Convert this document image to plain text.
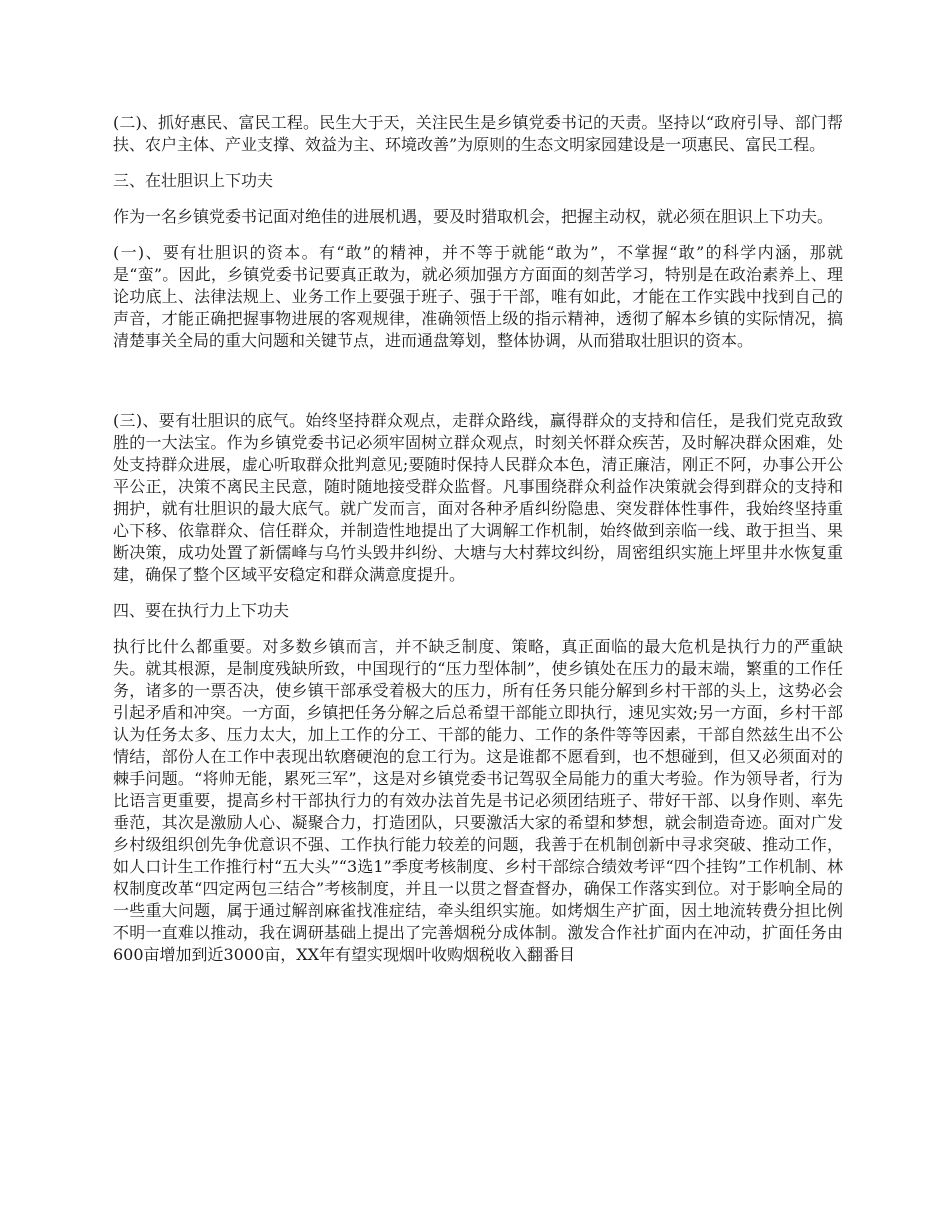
(二)、抓好惠民、富民工程。民生大于天，关注民生是乡镇党委书记的天责。坚持以“政府引导、部门帮扶、农户主体、产业支撑、效益为主、环境改善”为原则的生态文明家园建设是一项惠民、富民工程。

三、在壮胆识上下功夫

作为一名乡镇党委书记面对绝佳的进展机遇，要及时猎取机会，把握主动权，就必须在胆识上下功夫。

(一)、要有壮胆识的资本。有“敢”的精神，并不等于就能“敢为”，不掌握“敢”的科学内涵，那就是“蛮”。因此，乡镇党委书记要真正敢为，就必须加强方方面面的刻苦学习，特别是在政治素养上、理论功底上、法律法规上、业务工作上要强于班子、强于干部，唯有如此，才能在工作实践中找到自己的声音，才能正确把握事物进展的客观规律，准确领悟上级的指示精神，透彻了解本乡镇的实际情况，搞清楚事关全局的重大问题和关键节点，进而通盘筹划，整体协调，从而猎取壮胆识的资本。

(三)、要有壮胆识的底气。始终坚持群众观点，走群众路线，赢得群众的支持和信任，是我们党克敌致胜的一大法宝。作为乡镇党委书记必须牢固树立群众观点，时刻关怀群众疾苦，及时解决群众困难，处处支持群众进展，虚心听取群众批判意见;要随时保持人民群众本色，清正廉洁，刚正不阿，办事公开公平公正，决策不离民主民意，随时随地接受群众监督。凡事围绕群众利益作决策就会得到群众的支持和拥护，就有壮胆识的最大底气。就广发而言，面对各种矛盾纠纷隐患、突发群体性事件，我始终坚持重心下移、依靠群众、信任群众，并制造性地提出了大调解工作机制，始终做到亲临一线、敢于担当、果断决策，成功处置了新儒峰与乌竹头毁井纠纷、大塘与大村葬坟纠纷，周密组织实施上坪里井水恢复重建，确保了整个区域平安稳定和群众满意度提升。

四、要在执行力上下功夫

执行比什么都重要。对多数乡镇而言，并不缺乏制度、策略，真正面临的最大危机是执行力的严重缺失。就其根源，是制度残缺所致，中国现行的“压力型体制”，使乡镇处在压力的最末端，繁重的工作任务，诸多的一票否决，使乡镇干部承受着极大的压力，所有任务只能分解到乡村干部的头上，这势必会引起矛盾和冲突。一方面，乡镇把任务分解之后总希望干部能立即执行，速见实效;另一方面，乡村干部认为任务太多、压力太大，加上工作的分工、干部的能力、工作的条件等等因素，干部自然兹生出不公情结，部份人在工作中表现出软磨硬泡的怠工行为。这是谁都不愿看到，也不想碰到，但又必须面对的棘手问题。“将帅无能，累死三军”，这是对乡镇党委书记驾驭全局能力的重大考验。作为领导者，行为比语言更重要，提高乡村干部执行力的有效办法首先是书记必须团结班子、带好干部、以身作则、率先垂范，其次是激励人心、凝聚合力，打造团队，只要激活大家的希望和梦想，就会制造奇迹。面对广发乡村级组织创先争优意识不强、工作执行能力较差的问题，我善于在机制创新中寻求突破、推动工作，如人口计生工作推行村“五大头”“3选1”季度考核制度、乡村干部综合绩效考评“四个挂钩”工作机制、林权制度改革“四定两包三结合”考核制度，并且一以贯之督查督办，确保工作落实到位。对于影响全局的一些重大问题，属于通过解剖麻雀找准症结，牵头组织实施。如烤烟生产扩面，因土地流转费分担比例不明一直难以推动，我在调研基础上提出了完善烟税分成体制。激发合作社扩面内在冲动，扩面任务由600亩增加到近3000亩，XX年有望实现烟叶收购烟税收入翻番目
